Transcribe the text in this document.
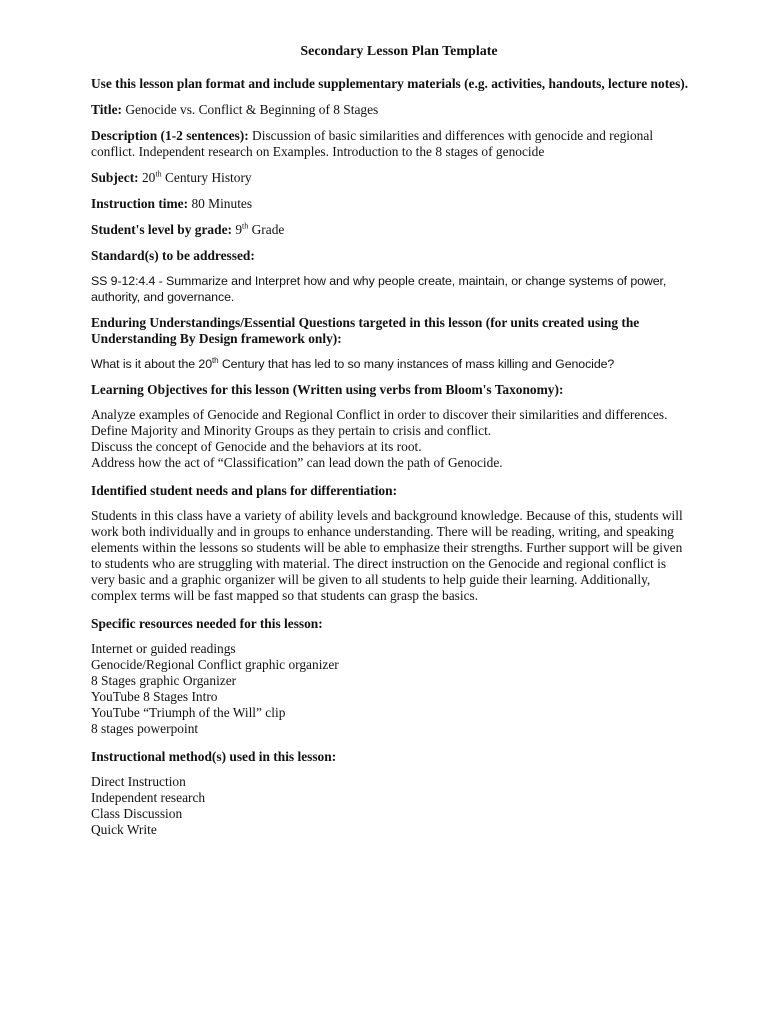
Secondary Lesson Plan Template

Use this lesson plan format and include supplementary materials (e.g. activities, handouts, lecture notes).

Title: Genocide vs. Conflict & Beginning of 8 Stages

Description (1-2 sentences): Discussion of basic similarities and differences with genocide and regional conflict. Independent research on Examples. Introduction to the 8 stages of genocide

Subject: 20th Century History

Instruction time: 80 Minutes

Student's level by grade: 9th Grade

Standard(s) to be addressed:

SS 9-12:4.4 - Summarize and Interpret how and why people create, maintain, or change systems of power, authority, and governance.

Enduring Understandings/Essential Questions targeted in this lesson (for units created using the Understanding By Design framework only):

What is it about the 20th Century that has led to so many instances of mass killing and Genocide?

Learning Objectives for this lesson (Written using verbs from Bloom's Taxonomy):

Analyze examples of Genocide and Regional Conflict in order to discover their similarities and differences.
Define Majority and Minority Groups as they pertain to crisis and conflict.
Discuss the concept of Genocide and the behaviors at its root.
Address how the act of “Classification” can lead down the path of Genocide.

Identified student needs and plans for differentiation:

Students in this class have a variety of ability levels and background knowledge. Because of this, students will work both individually and in groups to enhance understanding. There will be reading, writing, and speaking elements within the lessons so students will be able to emphasize their strengths. Further support will be given to students who are struggling with material. The direct instruction on the Genocide and regional conflict is very basic and a graphic organizer will be given to all students to help guide their learning. Additionally, complex terms will be fast mapped so that students can grasp the basics.

Specific resources needed for this lesson:

Internet or guided readings
Genocide/Regional Conflict graphic organizer
8 Stages graphic Organizer
YouTube 8 Stages Intro
YouTube “Triumph of the Will” clip
8 stages powerpoint

Instructional method(s) used in this lesson:

Direct Instruction
Independent research
Class Discussion
Quick Write
